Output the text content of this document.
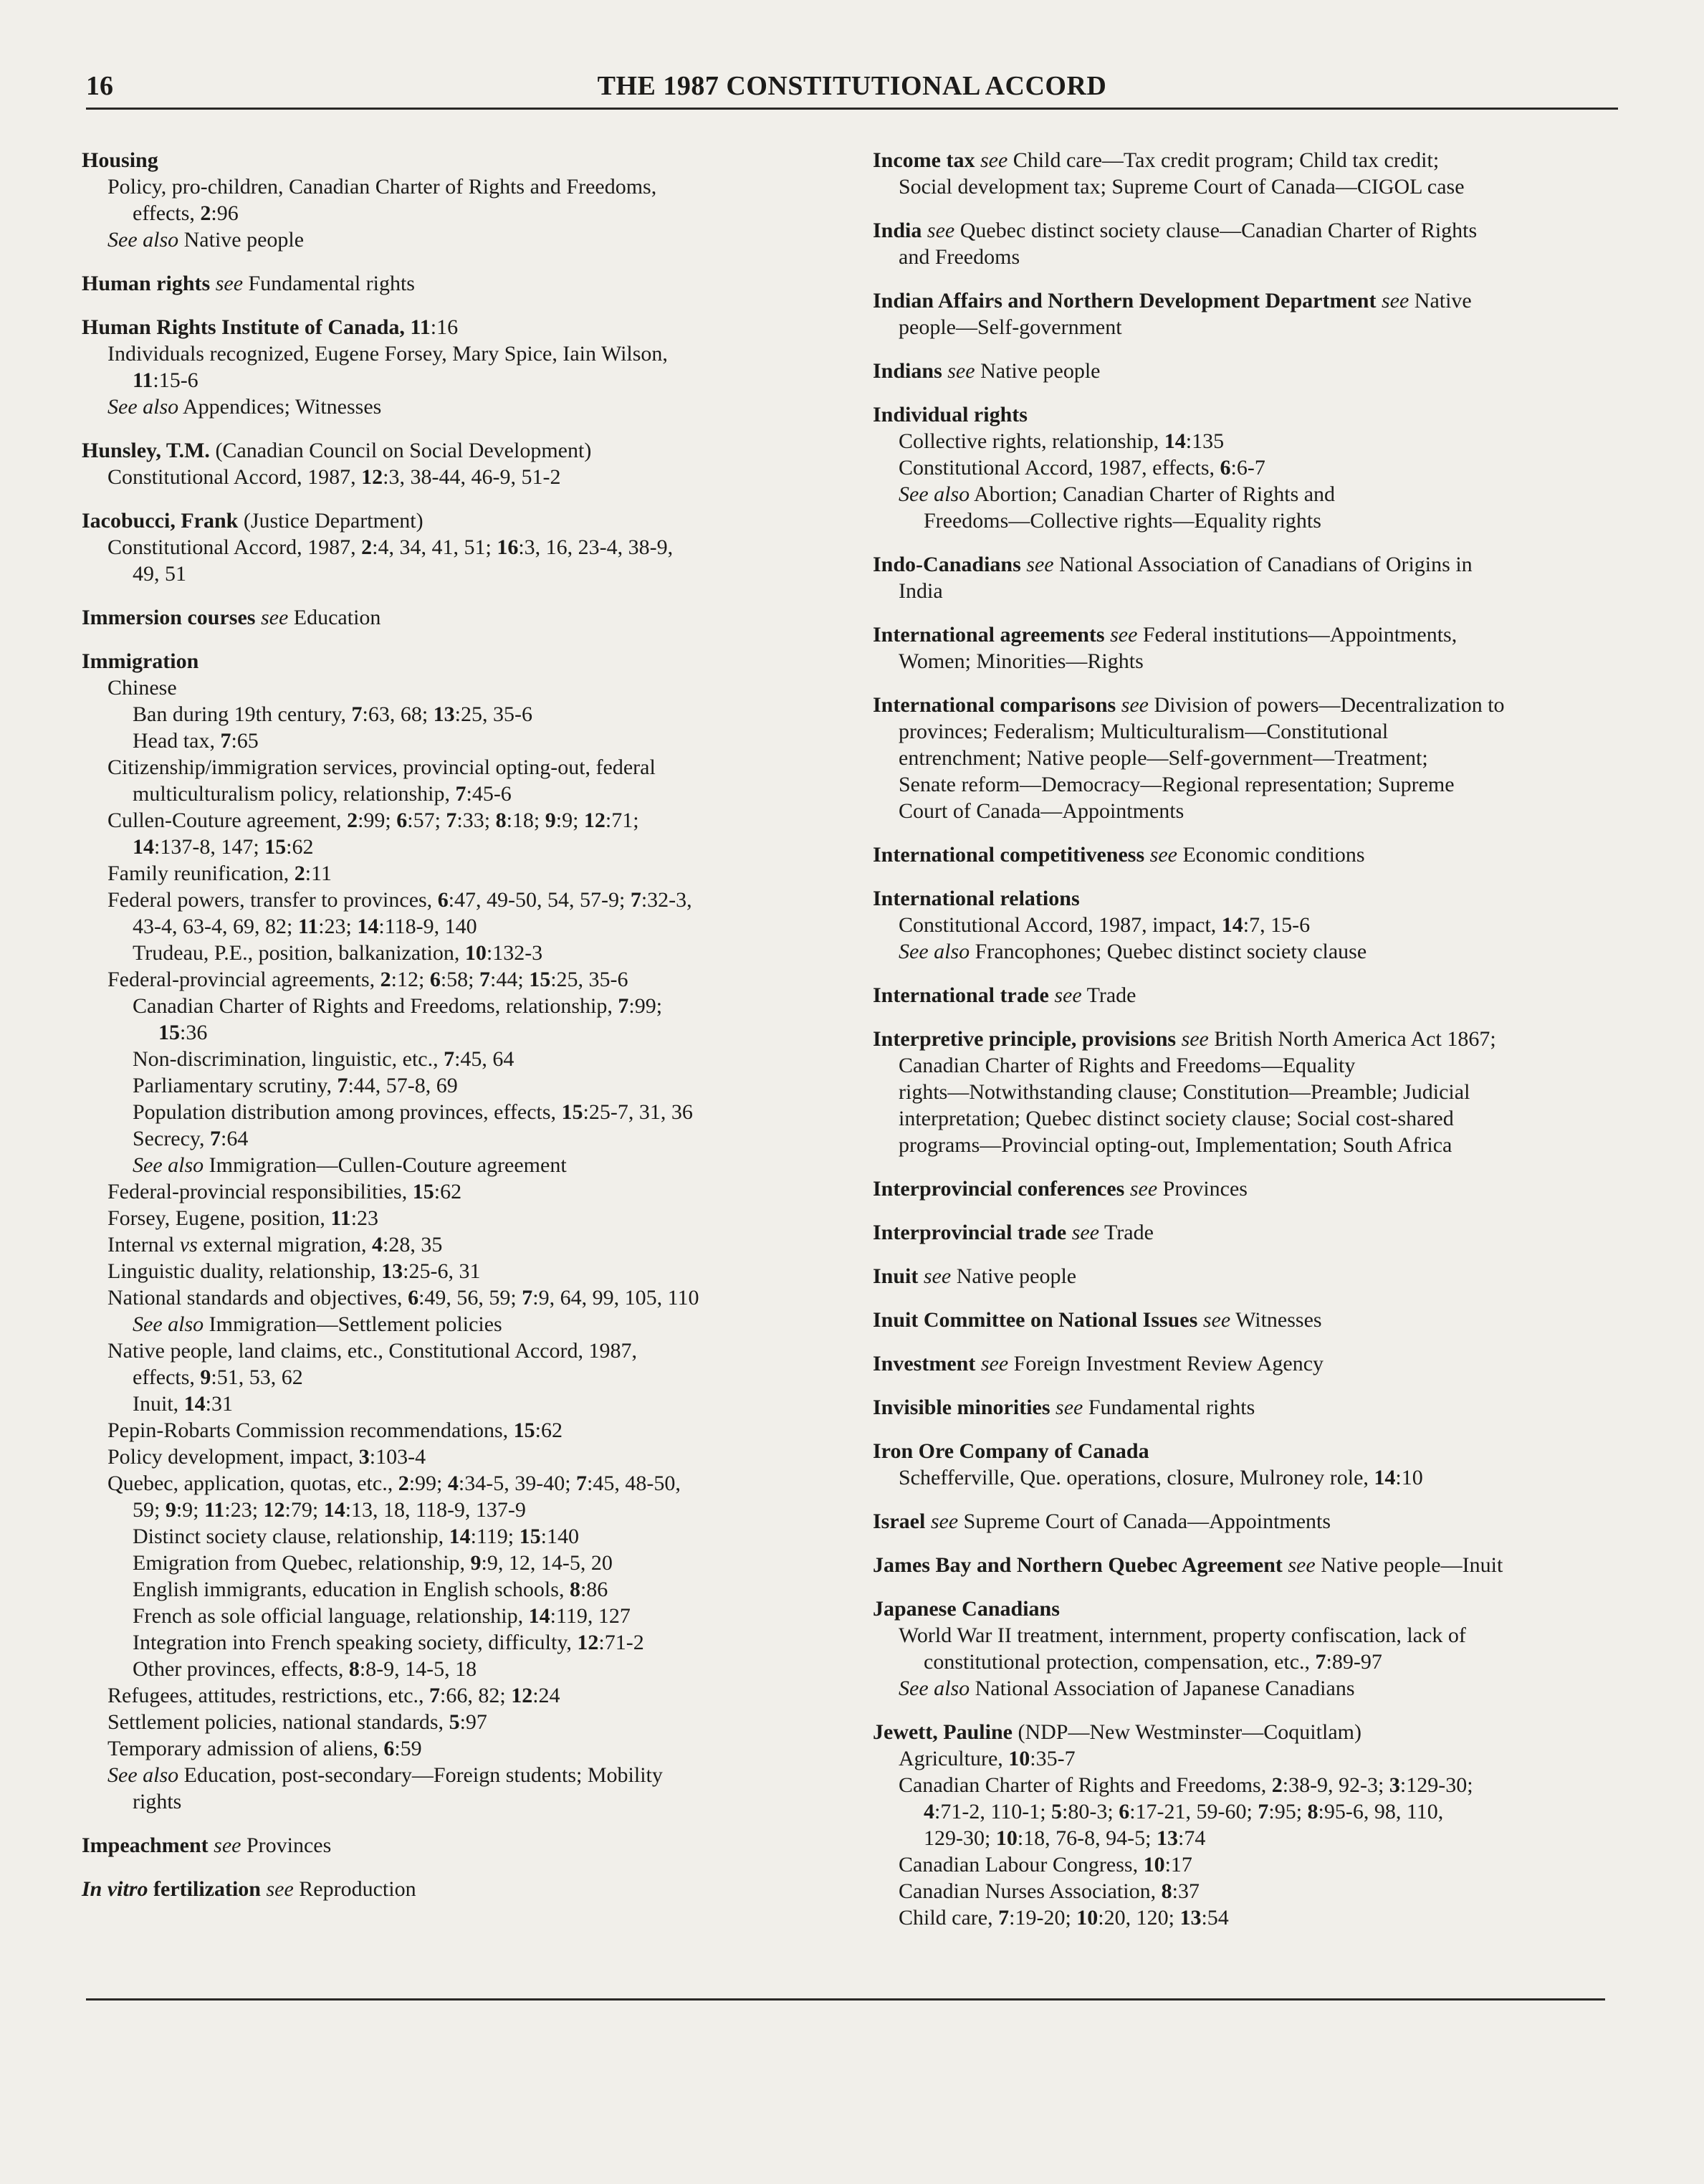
16	THE 1987 CONSTITUTIONAL ACCORD
Housing
Policy, pro-children, Canadian Charter of Rights and Freedoms,
effects, 2:96
See also Native people
Human rights see Fundamental rights
Human Rights Institute of Canada, 11:16
Individuals recognized, Eugene Forsey, Mary Spice, Iain Wilson,
11:15-6
See also Appendices; Witnesses
Hunsley, T.M. (Canadian Council on Social Development)
Constitutional Accord, 1987, 12:3, 38-44, 46-9, 51-2
Iacobucci, Frank (Justice Department)
Constitutional Accord, 1987, 2:4, 34, 41, 51; 16:3, 16, 23-4, 38-9,
49, 51
Immersion courses see Education
Immigration
Chinese
Ban during 19th century, 7:63, 68; 13:25, 35-6
Head tax, 7:65
Citizenship/immigration services, provincial opting-out, federal
multiculturalism policy, relationship, 7:45-6
Cullen-Couture agreement, 2:99; 6:57; 7:33; 8:18; 9:9; 12:71;
14:137-8, 147; 15:62
Family reunification, 2:11
Federal powers, transfer to provinces, 6:47, 49-50, 54, 57-9; 7:32-3,
43-4, 63-4, 69, 82; 11:23; 14:118-9, 140
Trudeau, P.E., position, balkanization, 10:132-3
Federal-provincial agreements, 2:12; 6:58; 7:44; 15:25, 35-6
Canadian Charter of Rights and Freedoms, relationship, 7:99;
15:36
Non-discrimination, linguistic, etc., 7:45, 64
Parliamentary scrutiny, 7:44, 57-8, 69
Population distribution among provinces, effects, 15:25-7, 31, 36
Secrecy, 7:64
See also Immigration—Cullen-Couture agreement
Federal-provincial responsibilities, 15:62
Forsey, Eugene, position, 11:23
Internal vs external migration, 4:28, 35
Linguistic duality, relationship, 13:25-6, 31
National standards and objectives, 6:49, 56, 59; 7:9, 64, 99, 105, 110
See also Immigration—Settlement policies
Native people, land claims, etc., Constitutional Accord, 1987,
effects, 9:51, 53, 62
Inuit, 14:31
Pepin-Robarts Commission recommendations, 15:62
Policy development, impact, 3:103-4
Quebec, application, quotas, etc., 2:99; 4:34-5, 39-40; 7:45, 48-50,
59; 9:9; 11:23; 12:79; 14:13, 18, 118-9, 137-9
Distinct society clause, relationship, 14:119; 15:140
Emigration from Quebec, relationship, 9:9, 12, 14-5, 20
English immigrants, education in English schools, 8:86
French as sole official language, relationship, 14:119, 127
Integration into French speaking society, difficulty, 12:71-2
Other provinces, effects, 8:8-9, 14-5, 18
Refugees, attitudes, restrictions, etc., 7:66, 82; 12:24
Settlement policies, national standards, 5:97
Temporary admission of aliens, 6:59
See also Education, post-secondary—Foreign students; Mobility
rights
Impeachment see Provinces
In vitro fertilization see Reproduction
Income tax see Child care—Tax credit program; Child tax credit;
Social development tax; Supreme Court of Canada—CIGOL case
India see Quebec distinct society clause—Canadian Charter of Rights
and Freedoms
Indian Affairs and Northern Development Department see Native
people—Self-government
Indians see Native people
Individual rights
Collective rights, relationship, 14:135
Constitutional Accord, 1987, effects, 6:6-7
See also Abortion; Canadian Charter of Rights and
Freedoms—Collective rights—Equality rights
Indo-Canadians see National Association of Canadians of Origins in
India
International agreements see Federal institutions—Appointments,
Women; Minorities—Rights
International comparisons see Division of powers—Decentralization to
provinces; Federalism; Multiculturalism—Constitutional
entrenchment; Native people—Self-government—Treatment;
Senate reform—Democracy—Regional representation; Supreme
Court of Canada—Appointments
International competitiveness see Economic conditions
International relations
Constitutional Accord, 1987, impact, 14:7, 15-6
See also Francophones; Quebec distinct society clause
International trade see Trade
Interpretive principle, provisions see British North America Act 1867;
Canadian Charter of Rights and Freedoms—Equality
rights—Notwithstanding clause; Constitution—Preamble; Judicial
interpretation; Quebec distinct society clause; Social cost-shared
programs—Provincial opting-out, Implementation; South Africa
Interprovincial conferences see Provinces
Interprovincial trade see Trade
Inuit see Native people
Inuit Committee on National Issues see Witnesses
Investment see Foreign Investment Review Agency
Invisible minorities see Fundamental rights
Iron Ore Company of Canada
Schefferville, Que. operations, closure, Mulroney role, 14:10
Israel see Supreme Court of Canada—Appointments
James Bay and Northern Quebec Agreement see Native people—Inuit
Japanese Canadians
World War II treatment, internment, property confiscation, lack of
constitutional protection, compensation, etc., 7:89-97
See also National Association of Japanese Canadians
Jewett, Pauline (NDP—New Westminster—Coquitlam)
Agriculture, 10:35-7
Canadian Charter of Rights and Freedoms, 2:38-9, 92-3; 3:129-30;
4:71-2, 110-1; 5:80-3; 6:17-21, 59-60; 7:95; 8:95-6, 98, 110,
129-30; 10:18, 76-8, 94-5; 13:74
Canadian Labour Congress, 10:17
Canadian Nurses Association, 8:37
Child care, 7:19-20; 10:20, 120; 13:54
